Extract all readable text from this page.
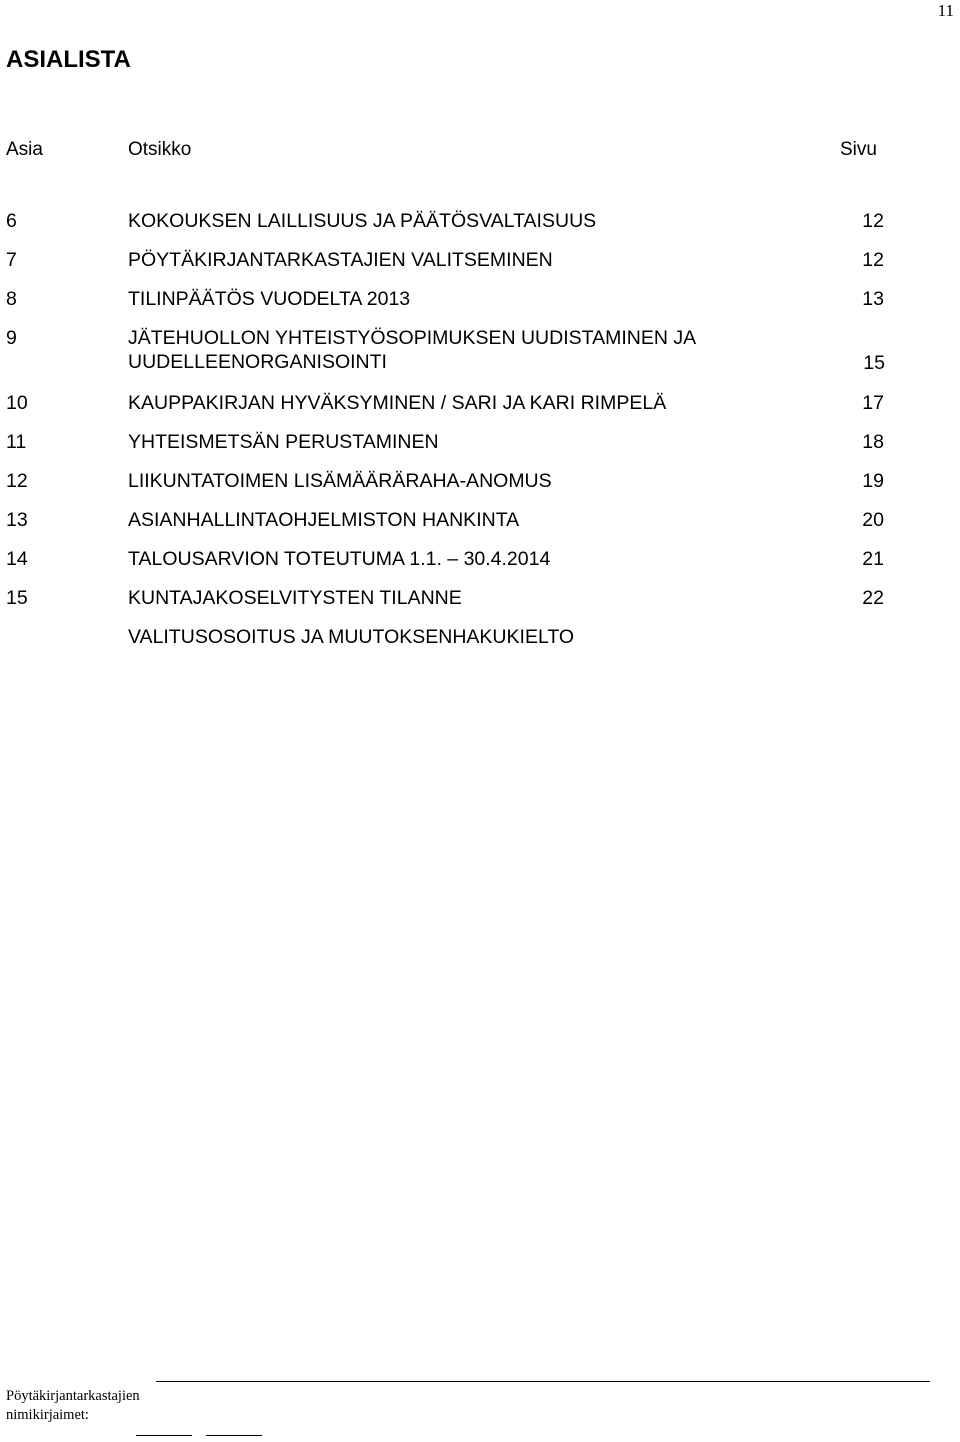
11
ASIALISTA
Asia	Otsikko	Sivu
6	KOKOUKSEN LAILLISUUS JA PÄÄTÖSVALTAISUUS	12
7	PÖYTÄKIRJANTARKASTAJIEN VALITSEMINEN	12
8	TILINPÄÄTÖS VUODELTA 2013	13
9	JÄTEHUOLLON YHTEISTYÖSOPIMUKSEN UUDISTAMINEN JA UUDELLEENORGANISOINTI	15
10	KAUPPAKIRJAN HYVÄKSYMINEN / SARI JA KARI RIMPELÄ	17
11	YHTEISMETSÄN PERUSTAMINEN	18
12	LIIKUNTATOIMEN LISÄMÄÄRÄRAHA-ANOMUS	19
13	ASIANHALLINTAOHJELMISTON HANKINTA	20
14	TALOUSARVION TOTEUTUMA 1.1. – 30.4.2014	21
15	KUNTAJAKOSELVITYSTEN TILANNE	22
VALITUSOSOITUS JA MUUTOKSENHAKUKIELTO
Pöytäkirjantarkastajien
nimikirjaimet:
